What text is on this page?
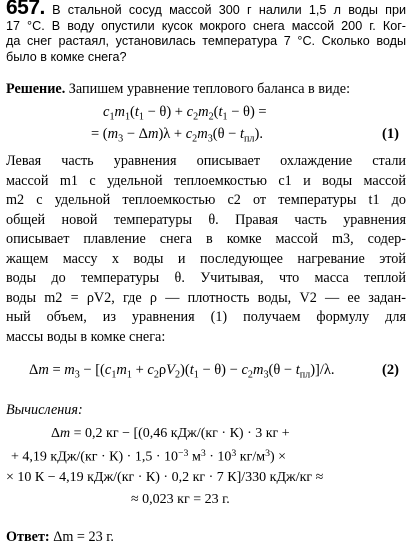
657. В стальной сосуд массой 300 г налили 1,5 л воды при
17 °С. В воду опустили кусок мокрого снега массой 200 г. Ког-
да снег растаял, установилась температура 7 °С. Сколько воды
было в комке снега?
Решение. Запишем уравнение теплового баланса в виде:
$c_1m_1(t_1 - \theta) + c_2m_2(t_1 - \theta)$ =
= $(m_3 - \Delta m)\lambda + c_2m_3(\theta - t_{пл})$.	(1)
Левая часть уравнения описывает охлаждение стали
массой m1 с удельной теплоемкостью c1 и воды массой
m2 с удельной теплоемкостью c2 от температуры t1 до
общей новой температуры θ. Правая часть уравнения
описывает плавление снега в комке массой m3, содер-
жащем массу x воды и последующее нагревание этой
воды до температуры θ. Учитывая, что масса теплой
воды m2 = ρV2, где ρ — плотность воды, V2 — ее задан-
ный объем, из уравнения (1) получаем формулу для
массы воды в комке снега:
$\Delta m = m_3 - [(c_1m_1 + c_2\rho V_2)(t_1 - \theta) - c_2m_3(\theta - t_{пл})]/\lambda$.	(2)
Вычисления:
Δm = 0,2 кг − [(0,46 кДж/(кг · К) · 3 кг +
+ 4,19 $кДж/(кг \cdot К) \cdot 1,5 \cdot 10^{-3}$ $м^3 \cdot 10^3$ $кг/м^3$) ×
× 10 К − 4,19 кДж/(кг · К) · 0,2 кг · 7 К]/330 кДж/кг ≈
≈ 0,023 кг = 23 г.
Ответ: Δm = 23 г.
